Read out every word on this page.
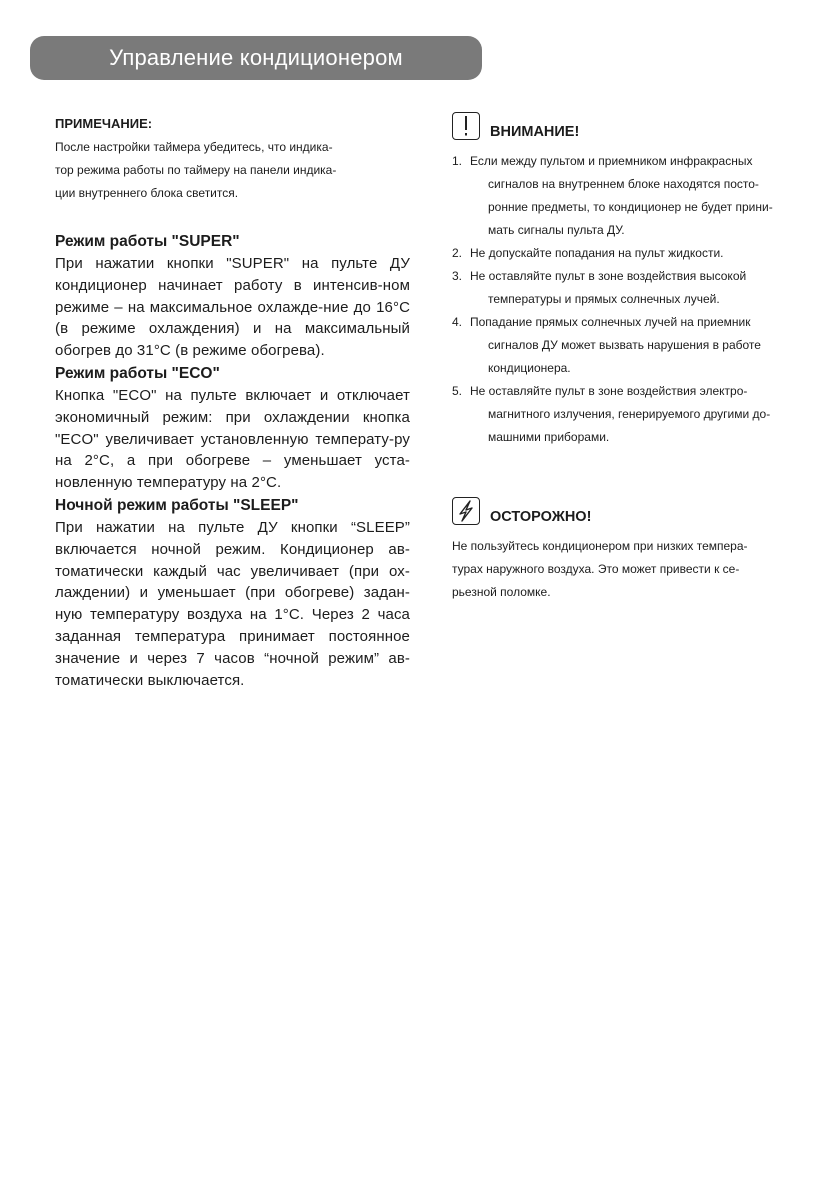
Управление кондиционером
ПРИМЕЧАНИЕ:

После настройки таймера убедитесь, что индика-
тор режима работы по таймеру на панели индика-
ции внутреннего блока светится.

Режим работы "SUPER"

При нажатии кнопки "SUPER" на пульте ДУ кондиционер начинает работу в интенсив-ном режиме – на максимальное охлажде-ние до 16°С (в режиме охлаждения) и на максимальный обогрев до 31°С (в режиме обогрева).

Режим работы "ECO"

Кнопка "ECO" на пульте включает и отключает экономичный режим: при охлаждении кнопка "ECO" увеличивает установленную температу-ру на 2°С, а при обогреве – уменьшает уста-новленную температуру на 2°С.

Ночной режим работы "SLEEP"

При нажатии на пульте ДУ кнопки “SLEEP” включается ночной режим. Кондиционер ав-томатически каждый час увеличивает (при ох-лаждении) и уменьшает (при обогреве) задан-ную температуру воздуха на 1°С. Через 2 часа заданная температура принимает постоянное значение и через 7 часов “ночной режим” ав-томатически выключается.

ВНИМАНИЕ!
1. Если между пультом и приемником инфракрасных
сигналов на внутреннем блоке находятся посто-
ронние предметы, то кондиционер не будет прини-
мать сигналы пульта ДУ.
2. Не допускайте попадания на пульт жидкости.
3. Не оставляйте пульт в зоне воздействия высокой
температуры и прямых солнечных лучей.
4. Попадание прямых солнечных лучей на приемник
сигналов ДУ может вызвать нарушения в работе
кондиционера.
5. Не оставляйте пульт в зоне воздействия электро-
магнитного излучения, генерируемого другими до-
машними приборами.
ОСТОРОЖНО!

Не пользуйтесь кондиционером при низких темпера-
турах наружного воздуха. Это может привести к се-
рьезной поломке.
